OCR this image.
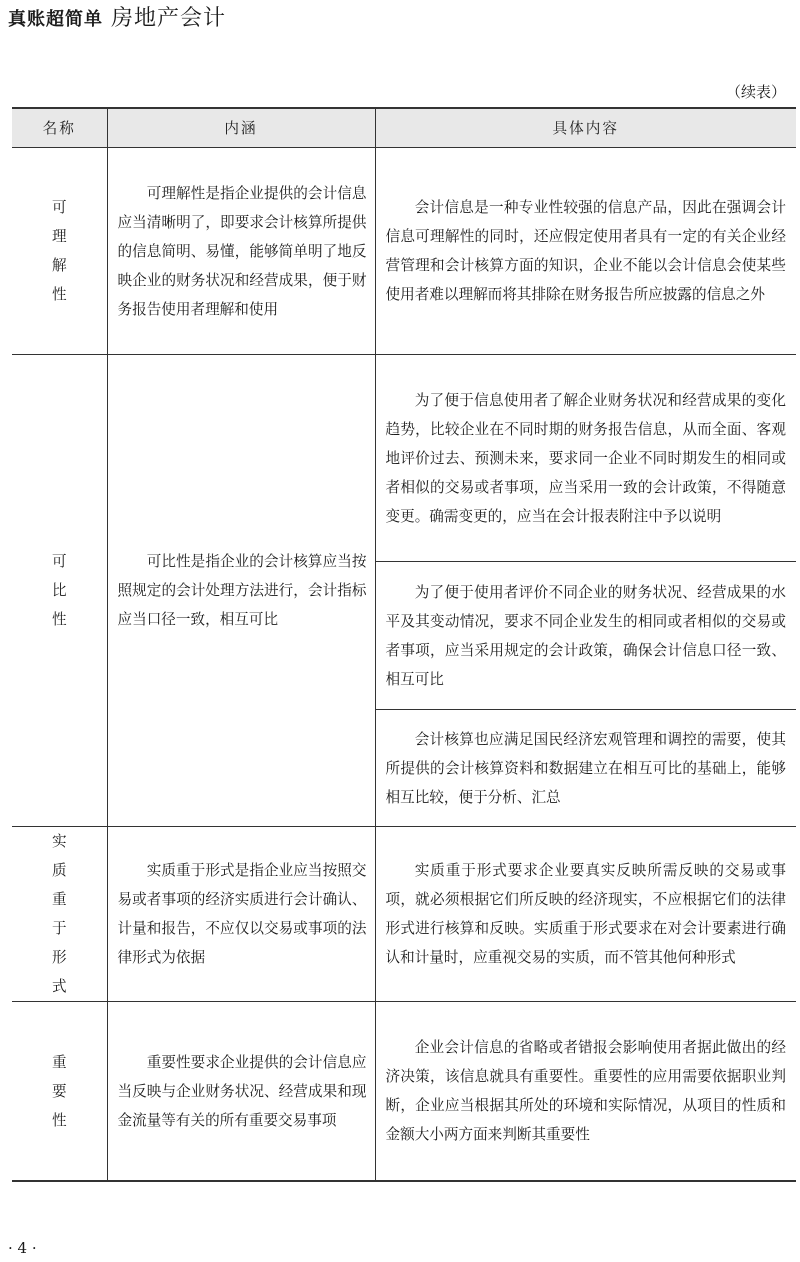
真账超简单 房地产会计
（续表）
名称	内涵	具体内容
可理解性	可理解性是指企业提供的会计信息应当清晰明了，即要求会计核算所提供的信息简明、易懂，能够简单明了地反映企业的财务状况和经营成果，便于财务报告使用者理解和使用	会计信息是一种专业性较强的信息产品，因此在强调会计信息可理解性的同时，还应假定使用者具有一定的有关企业经营管理和会计核算方面的知识，企业不能以会计信息会使某些使用者难以理解而将其排除在财务报告所应披露的信息之外

可比性	可比性是指企业的会计核算应当按照规定的会计处理方法进行，会计指标应当口径一致，相互可比	为了便于信息使用者了解企业财务状况和经营成果的变化趋势，比较企业在不同时期的财务报告信息，从而全面、客观地评价过去、预测未来，要求同一企业不同时期发生的相同或者相似的交易或者事项，应当采用一致的会计政策，不得随意变更。确需变更的，应当在会计报表附注中予以说明

		为了便于使用者评价不同企业的财务状况、经营成果的水平及其变动情况，要求不同企业发生的相同或者相似的交易或者事项，应当采用规定的会计政策，确保会计信息口径一致、相互可比

		会计核算也应满足国民经济宏观管理和调控的需要，使其所提供的会计核算资料和数据建立在相互可比的基础上，能够相互比较，便于分析、汇总

实质重于形式	实质重于形式是指企业应当按照交易或者事项的经济实质进行会计确认、计量和报告，不应仅以交易或事项的法律形式为依据	实质重于形式要求企业要真实反映所需反映的交易或事项，就必须根据它们所反映的经济现实，不应根据它们的法律形式进行核算和反映。实质重于形式要求在对会计要素进行确认和计量时，应重视交易的实质，而不管其他何种形式

重要性	重要性要求企业提供的会计信息应当反映与企业财务状况、经营成果和现金流量等有关的所有重要交易事项	企业会计信息的省略或者错报会影响使用者据此做出的经济决策，该信息就具有重要性。重要性的应用需要依据职业判断，企业应当根据其所处的环境和实际情况，从项目的性质和金额大小两方面来判断其重要性
· 4 ·
